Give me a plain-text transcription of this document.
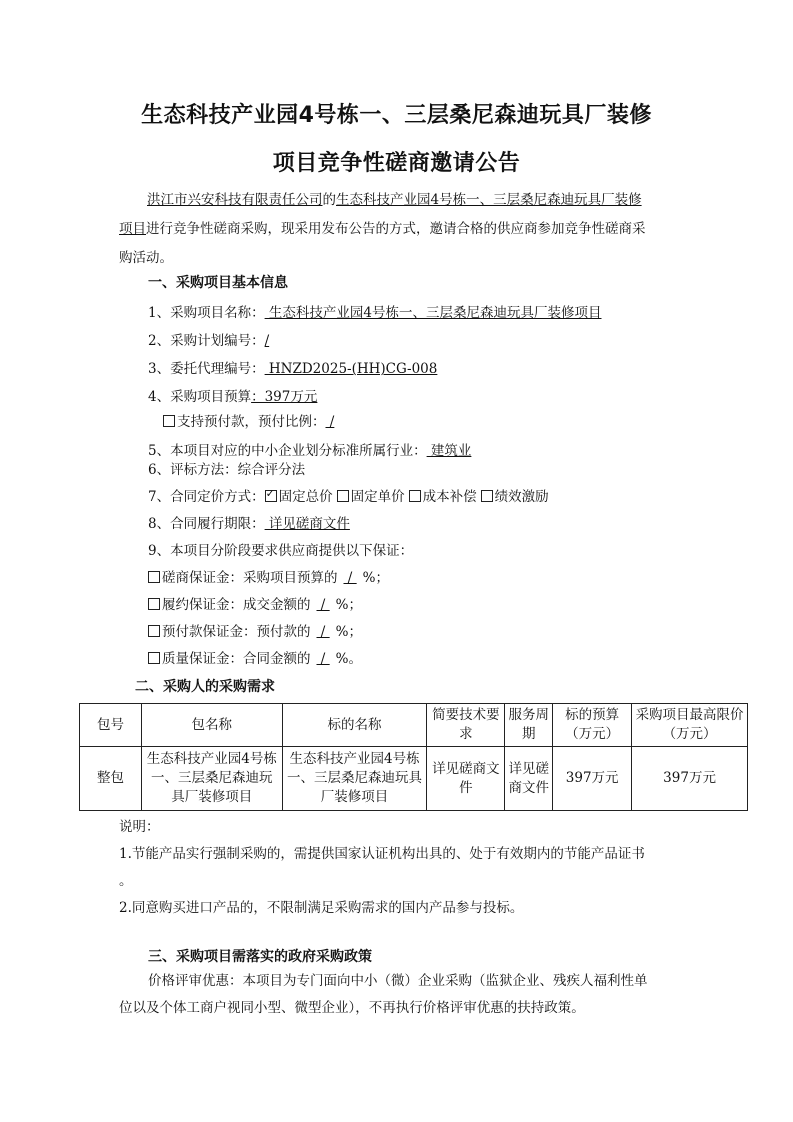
生态科技产业园4号栋一、三层桑尼森迪玩具厂装修
项目竞争性磋商邀请公告
洪江市兴安科技有限责任公司的生态科技产业园4号栋一、三层桑尼森迪玩具厂装修
项目进行竞争性磋商采购，现采用发布公告的方式，邀请合格的供应商参加竞争性磋商采
购活动。
一、采购项目基本信息
1、采购项目名称： 生态科技产业园4号栋一、三层桑尼森迪玩具厂装修项目
2、采购计划编号：/
3、委托代理编号： HNZD2025-(HH)CG-008
4、采购项目预算：397万元
支持预付款，预付比例： /
5、本项目对应的中小企业划分标准所属行业： 建筑业
6、评标方法：综合评分法
7、合同定价方式： ✓ 固定总价 固定单价 成本补偿 绩效激励
8、合同履行期限： 详见磋商文件
9、本项目分阶段要求供应商提供以下保证：
磋商保证金：采购项目预算的 / %；
履约保证金：成交金额的 / %；
预付款保证金：预付款的 / %；
质量保证金：合同金额的 / %。
二、采购人的采购需求
包号	包名称	标的名称	简要技术要求	服务周期	标的预算（万元）	采购项目最高限价（万元）
整包	生态科技产业园4号栋一、三层桑尼森迪玩具厂装修项目	生态科技产业园4号栋一、三层桑尼森迪玩具厂装修项目	详见磋商文件	详见磋商文件	397万元	397万元
说明：
1.节能产品实行强制采购的，需提供国家认证机构出具的、处于有效期内的节能产品证书
。
2.同意购买进口产品的，不限制满足采购需求的国内产品参与投标。
三、采购项目需落实的政府采购政策
价格评审优惠：本项目为专门面向中小（微）企业采购（监狱企业、残疾人福利性单
位以及个体工商户视同小型、微型企业），不再执行价格评审优惠的扶持政策。
